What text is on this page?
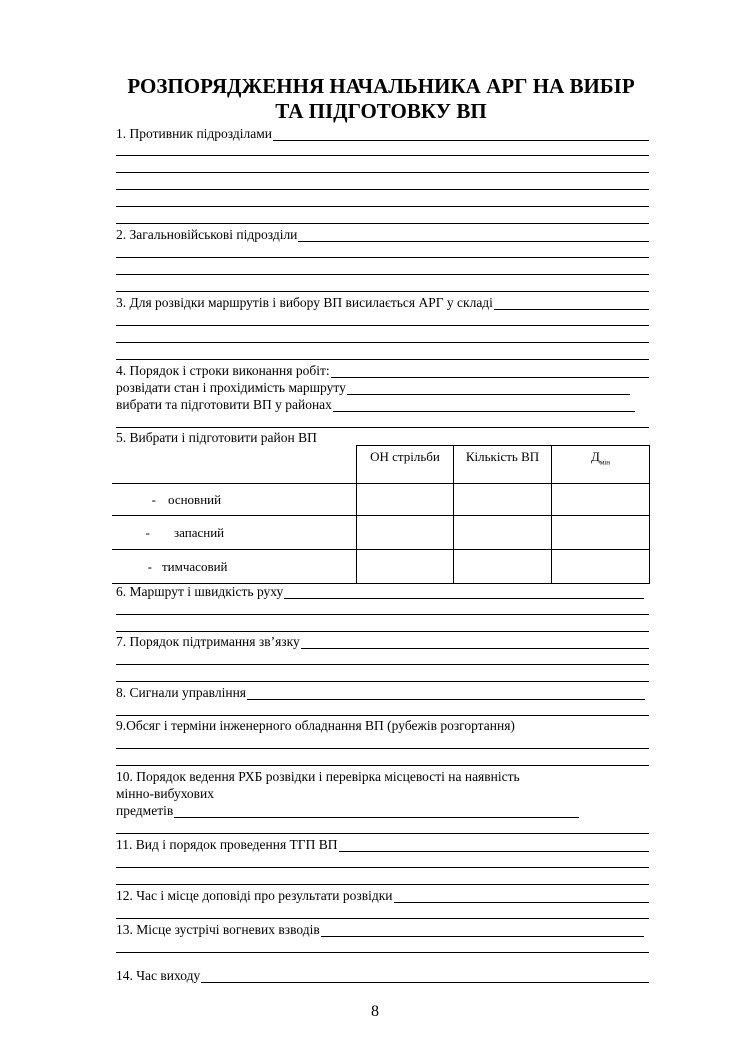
РОЗПОРЯДЖЕННЯ НАЧАЛЬНИКА АРГ НА ВИБІР
ТА ПІДГОТОВКУ ВП
1. Противник підрозділами
2. Загальновійськові підрозділи
3. Для розвідки маршрутів і вибору ВП висилається АРГ у складі
4. Порядок і строки виконання робіт:
розвідати стан і прохідимість маршруту
вибрати та підготовити ВП у районах
5. Вибрати і підготовити район ВП
	ОН стрільби	Кількість ВП	$Д_{мін}$
- основний			
- запасний			
- тимчасовий			
6. Маршрут і швидкість руху
7. Порядок підтримання зв’язку
8. Сигнали управління
9.Обсяг і терміни інженерного обладнання ВП (рубежів розгортання)
10. Порядок ведення РХБ розвідки і перевірка місцевості на наявність
мінно-вибухових
предметів
11. Вид і порядок проведення ТГП ВП
12. Час і місце доповіді про результати розвідки
13. Місце зустрічі вогневих взводів
14. Час виходу
8
